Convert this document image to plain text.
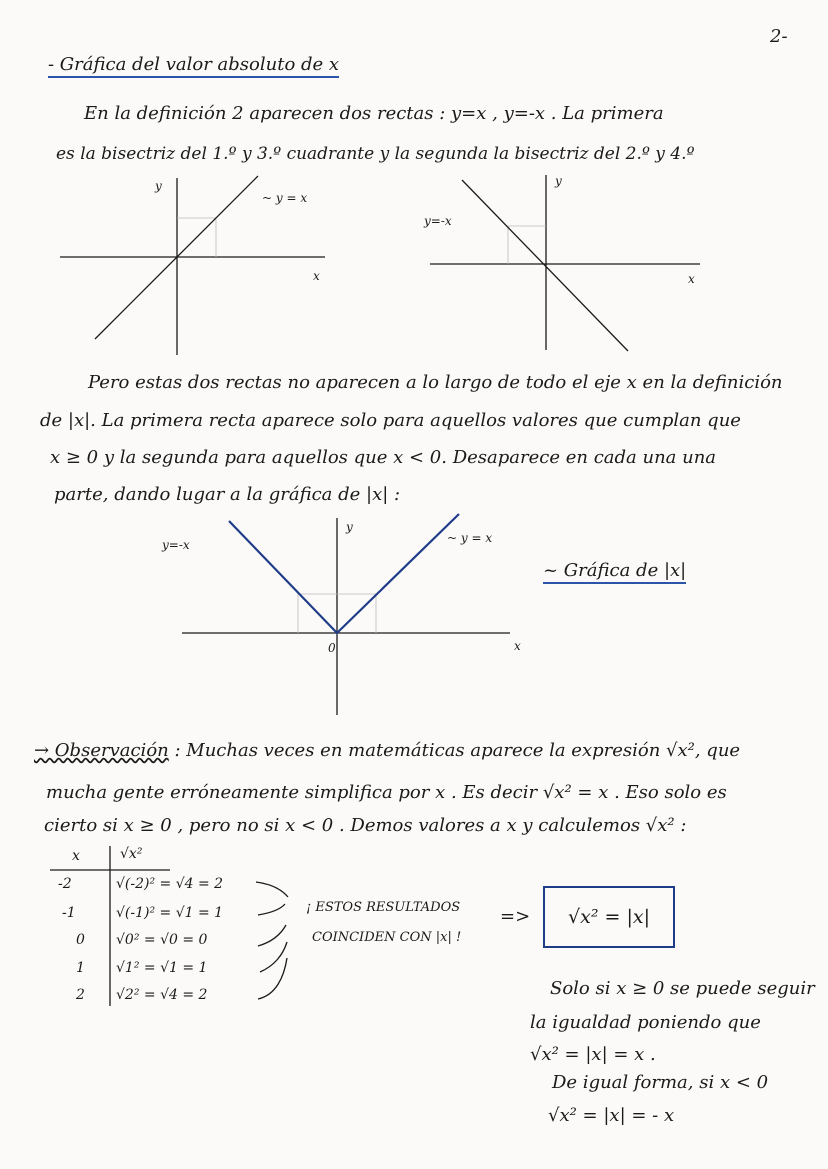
2-
- Gráfica del valor absoluto de x
En la definición 2 aparecen dos rectas : y=x , y=-x . La primera
es la bisectriz del 1.º y 3.º cuadrante y la segunda la bisectriz del 2.º y 4.º
x
y
~ y = x
x
y
y=-x
x
y
0
y=-x	~ y = x
Pero estas dos rectas no aparecen a lo largo de todo el eje x en la definición
de |x|. La primera recta aparece solo para aquellos valores que cumplan que
x ≥ 0 y la segunda para aquellos que x < 0. Desaparece en cada una una
parte, dando lugar a la gráfica de |x| :
~ Gráfica de |x|
→ Observación : Muchas veces en matemáticas aparece la expresión √x², que
mucha gente erróneamente simplifica por x . Es decir √x² = x . Eso solo es
cierto si x ≥ 0 , pero no si x < 0 . Demos valores a x y calculemos √x² :
x	√x²
-2	√(-2)² = √4 = 2
-1	√(-1)² = √1 = 1
0 √0² = √0 = 0
1 √1² = √1 = 1
2 √2² = √4 = 2
¡ ESTOS RESULTADOS
COINCIDEN CON |x| !
=> √x² = |x|
Solo si x ≥ 0 se puede seguir
la igualdad poniendo que
√x² = |x| = x .
De igual forma, si x < 0
√x² = |x| = - x
